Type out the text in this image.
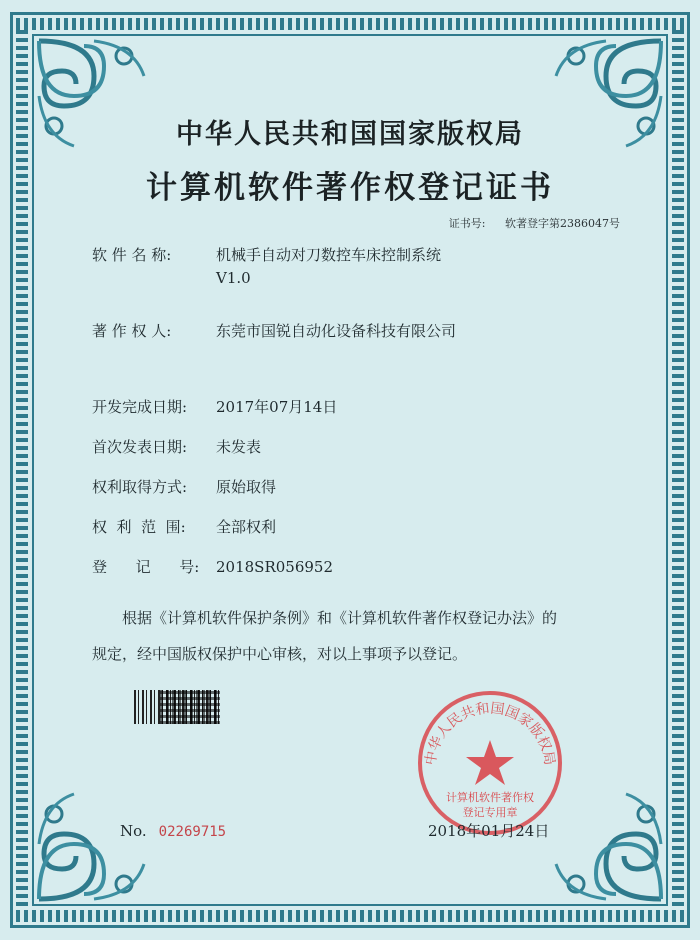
中华人民共和国国家版权局
计算机软件著作权登记证书
证书号: 软著登字第2386047号
软 件 名 称:	机械手自动对刀数控车床控制系统
V1.0
著 作 权 人:	东莞市国锐自动化设备科技有限公司
开发完成日期: 2017年07月14日
首次发表日期: 未发表
权利取得方式: 原始取得
权  利  范  围: 全部权利
登      记      号: 2018SR056952
根据《计算机软件保护条例》和《计算机软件著作权登记办法》的
规定，经中国版权保护中心审核，对以上事项予以登记。
中华人民共和国国家版权局
计算机软件著作权
登记专用章
No. 02269715	2018年01月24日
